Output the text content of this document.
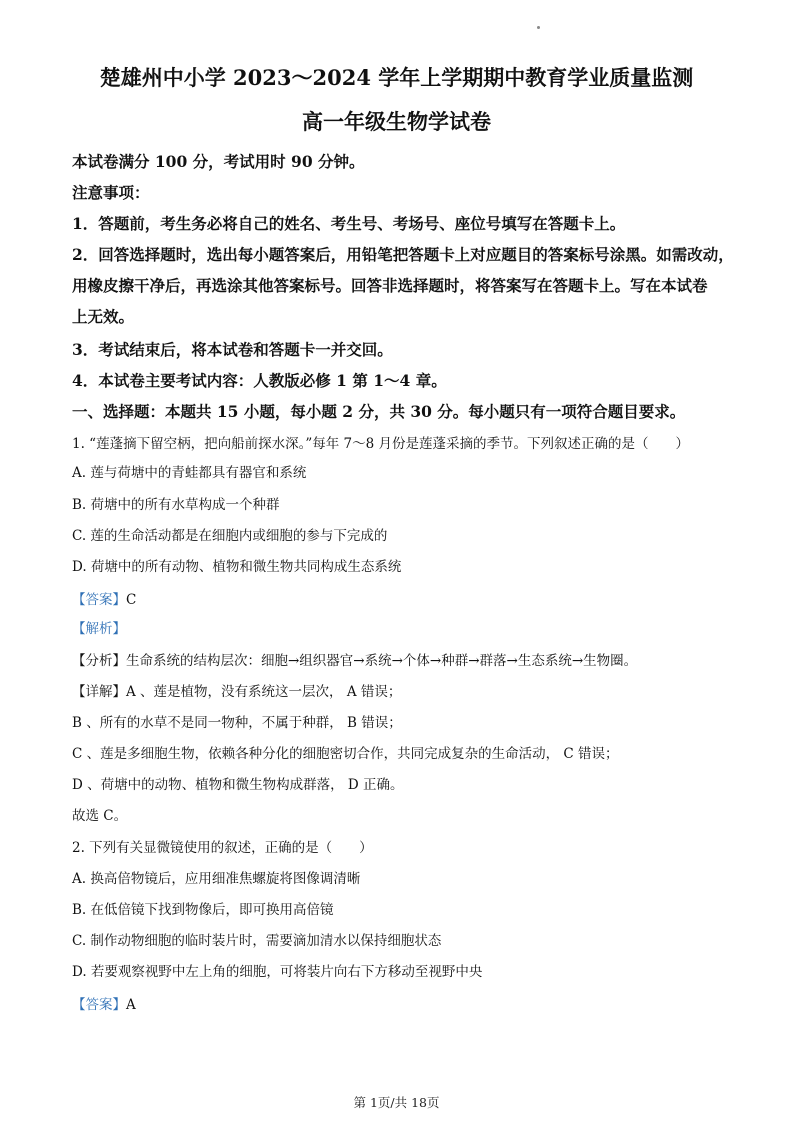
楚雄州中小学 2023～2024 学年上学期期中教育学业质量监测
高一年级生物学试卷
本试卷满分 100 分，考试用时 90 分钟。
注意事项：
1．答题前，考生务必将自己的姓名、考生号、考场号、座位号填写在答题卡上。
2．回答选择题时，选出每小题答案后，用铅笔把答题卡上对应题目的答案标号涂黑。如需改动，
用橡皮擦干净后，再选涂其他答案标号。回答非选择题时，将答案写在答题卡上。写在本试卷
上无效。
3．考试结束后，将本试卷和答题卡一并交回。
4．本试卷主要考试内容：人教版必修 1 第 1～4 章。
一、选择题：本题共 15 小题，每小题 2 分，共 30 分。每小题只有一项符合题目要求。
1. “莲蓬摘下留空柄，把向船前探水深。”每年 7～8 月份是莲蓬采摘的季节。下列叙述正确的是（　　）
A. 莲与荷塘中的青蛙都具有器官和系统
B. 荷塘中的所有水草构成一个种群
C. 莲的生命活动都是在细胞内或细胞的参与下完成的
D. 荷塘中的所有动物、植物和微生物共同构成生态系统
【答案】C
【解析】
【分析】生命系统的结构层次：细胞→组织器官→系统→个体→种群→群落→生态系统→生物圈。
【详解】A 、莲是植物，没有系统这一层次， A 错误；
B 、所有的水草不是同一物种，不属于种群， B 错误；
C 、莲是多细胞生物，依赖各种分化的细胞密切合作，共同完成复杂的生命活动， C 错误；
D 、荷塘中的动物、植物和微生物构成群落， D 正确。
故选 C。
2. 下列有关显微镜使用的叙述，正确的是（　　）
A. 换高倍物镜后，应用细准焦螺旋将图像调清晰
B. 在低倍镜下找到物像后，即可换用高倍镜
C. 制作动物细胞的临时装片时，需要滴加清水以保持细胞状态
D. 若要观察视野中左上角的细胞，可将装片向右下方移动至视野中央
【答案】A
第 1页/共 18页
